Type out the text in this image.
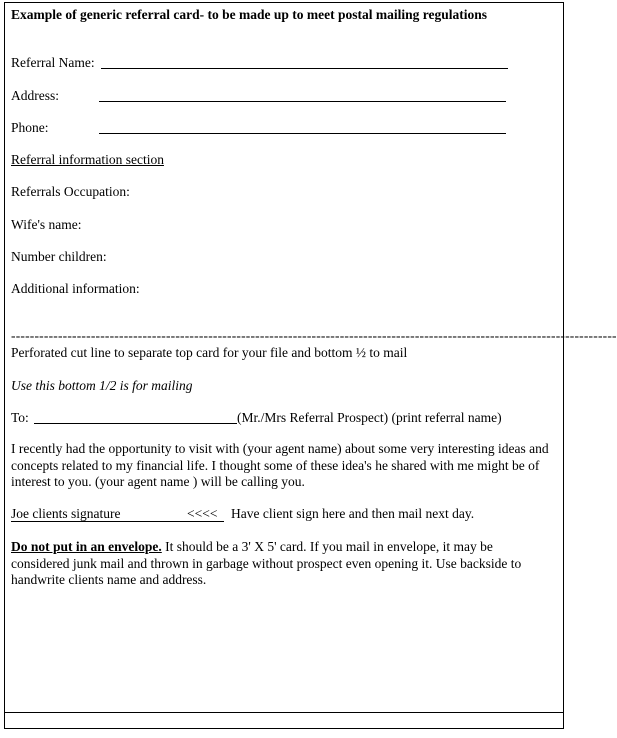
Example of generic referral card- to be made up to meet postal mailing regulations
Referral Name:
Address:
Phone:
Referral information section
Referrals Occupation:
Wife's name:
Number children:
Additional information:
---------------------------------------------------------------------------------------------------------------------------------
Perforated cut line to separate top card for your file and bottom ½ to mail
Use this bottom 1/2 is for mailing
To:	(Mr./Mrs Referral Prospect) (print referral name)
I recently had the opportunity to visit with (your agent name) about some very interesting ideas and concepts related to my financial life. I thought some of these idea's he shared with me might be of interest to you. (your agent name ) will be calling you.
Joe clients signature	<<<< Have client sign here and then mail next day.
Do not put in an envelope. It should be a 3' X 5' card. If you mail in envelope, it may be considered junk mail and thrown in garbage without prospect even opening it. Use backside to handwrite clients name and address.
